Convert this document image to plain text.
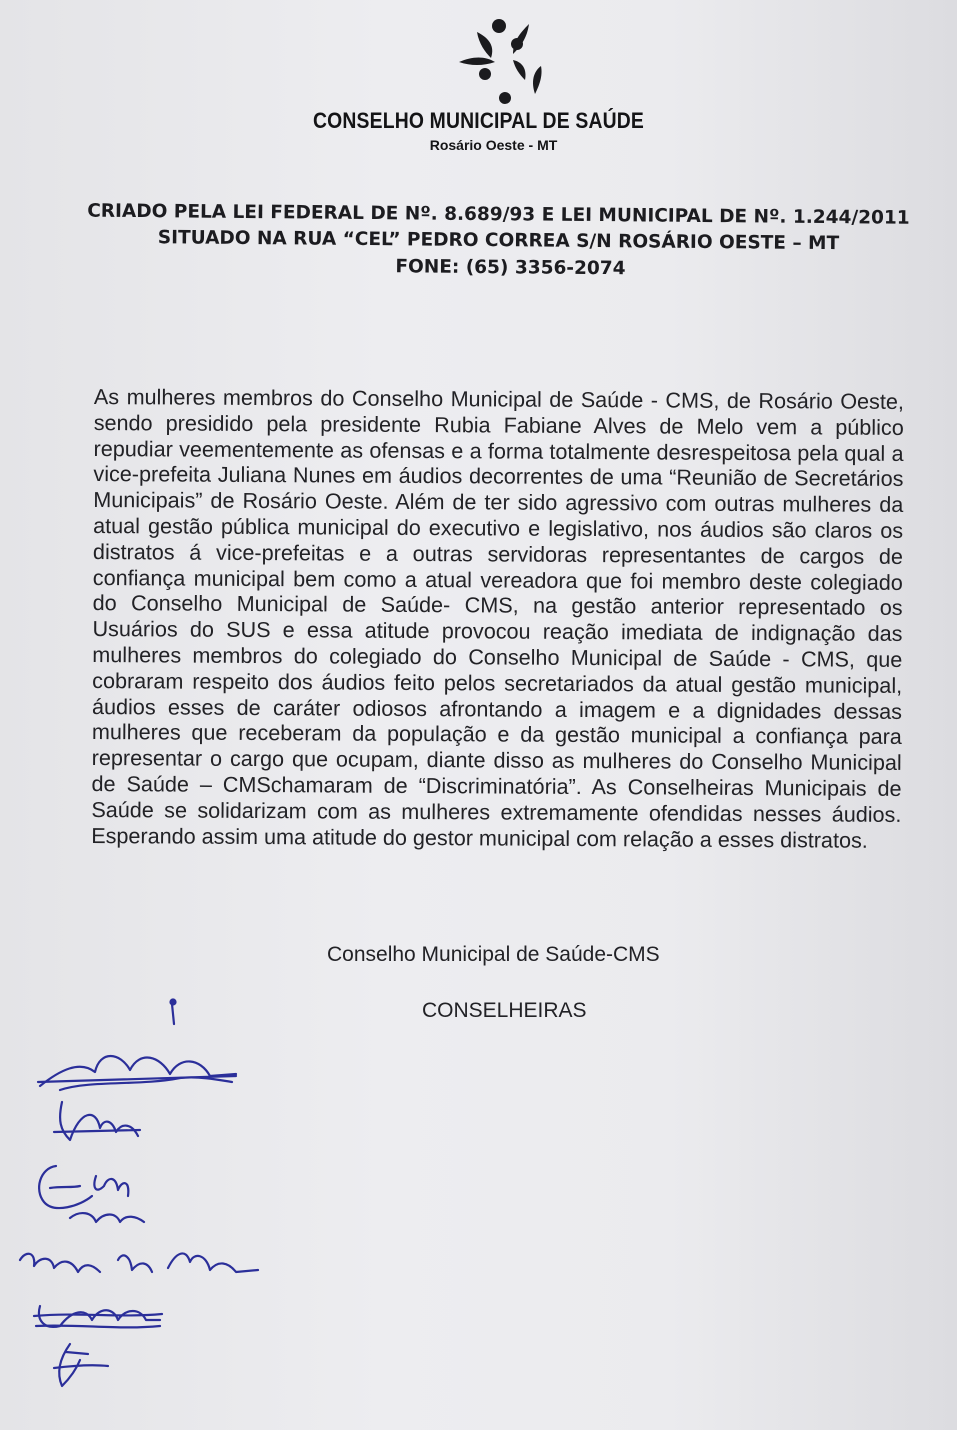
CONSELHO MUNICIPAL DE SAÚDE
Rosário Oeste - MT
CRIADO PELA LEI FEDERAL DE Nº. 8.689/93 E LEI MUNICIPAL DE Nº. 1.244/2011
SITUADO NA RUA “CEL” PEDRO CORREA S/N ROSÁRIO OESTE – MT
FONE: (65) 3356-2074
As mulheres membros do Conselho Municipal de Saúde - CMS, de Rosário Oeste, sendo presidido pela presidente Rubia Fabiane Alves de Melo vem a público repudiar veementemente as ofensas e a forma totalmente desrespeitosa pela qual a vice-prefeita Juliana Nunes em áudios decorrentes de uma “Reunião de Secretários Municipais” de Rosário Oeste. Além de ter sido agressivo com outras mulheres da atual gestão pública municipal do executivo e legislativo, nos áudios são claros os distratos á vice-prefeitas e a outras servidoras representantes de cargos de confiança municipal bem como a atual vereadora que foi membro deste colegiado do Conselho Municipal de Saúde- CMS, na gestão anterior representado os Usuários do SUS e essa atitude provocou reação imediata de indignação das mulheres membros do colegiado do Conselho Municipal de Saúde - CMS, que cobraram respeito dos áudios feito pelos secretariados da atual gestão municipal, áudios esses de caráter odiosos afrontando a imagem e a dignidades dessas mulheres que receberam da população e da gestão municipal a confiança para representar o cargo que ocupam, diante disso as mulheres do Conselho Municipal de Saúde – CMSchamaram de “Discriminatória”. As Conselheiras Municipais de Saúde se solidarizam com as mulheres extremamente ofendidas nesses áudios. Esperando assim uma atitude do gestor municipal com relação a esses distratos.
Conselho Municipal de Saúde-CMS
CONSELHEIRAS
